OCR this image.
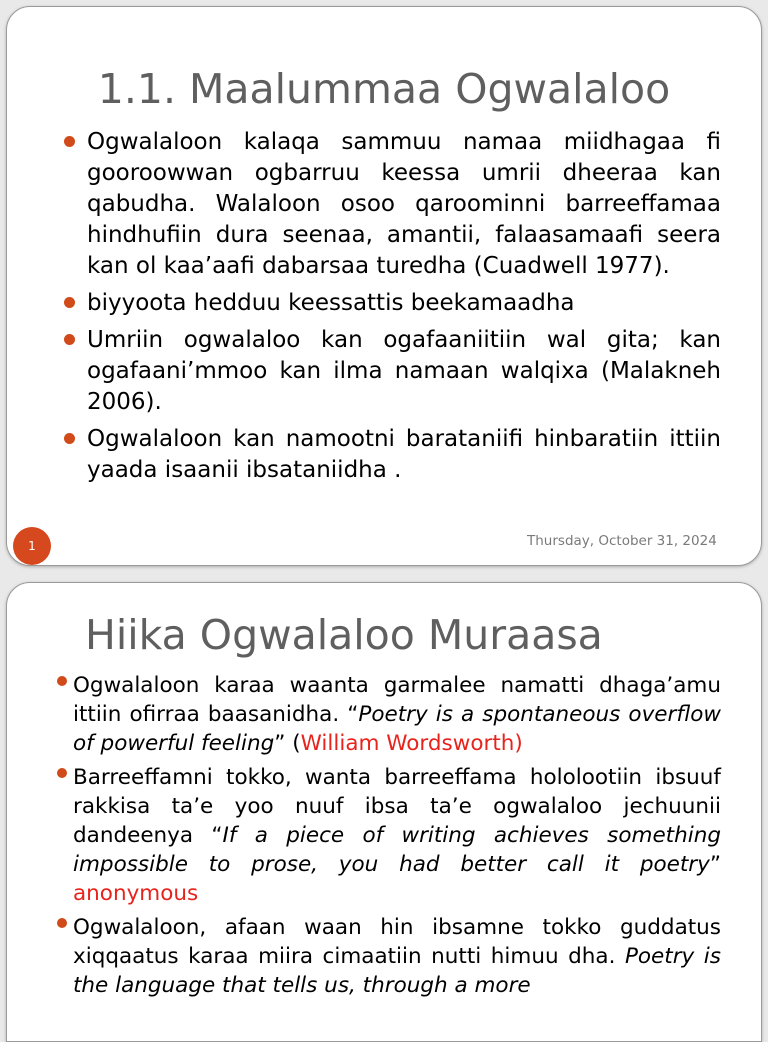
1.1. Maalummaa Ogwalaloo
Ogwalaloon kalaqa sammuu namaa miidhagaa fi gooroowwan ogbarruu keessa umrii dheeraa kan qabudha. Walaloon osoo qaroominni barreeffamaa hindhufiin dura seenaa, amantii, falaasamaafi seera kan ol kaa’aafi dabarsaa turedha (Cuadwell 1977).
biyyoota hedduu keessattis beekamaadha
Umriin ogwalaloo kan ogafaaniitiin wal gita; kan ogafaani’mmoo kan ilma namaan walqixa (Malakneh 2006).
Ogwalaloon kan namootni barataniifi hinbaratiin ittiin yaada isaanii ibsataniidha .
1	Thursday, October 31, 2024
Hiika Ogwalaloo Muraasa
Ogwalaloon karaa waanta garmalee namatti dhaga’amu ittiin ofirraa baasanidha. “Poetry is a spontaneous overflow of powerful feeling” (William Wordsworth)
Barreeffamni tokko, wanta barreeffama hololootiin ibsuuf rakkisa ta’e yoo nuuf ibsa ta’e ogwalaloo jechuunii dandeenya “If a piece of writing achieves something impossible to prose, you had better call it poetry” anonymous
Ogwalaloon, afaan waan hin ibsamne tokko guddatus xiqqaatus karaa miira cimaatiin nutti himuu dha. Poetry is the language that tells us, through a more
